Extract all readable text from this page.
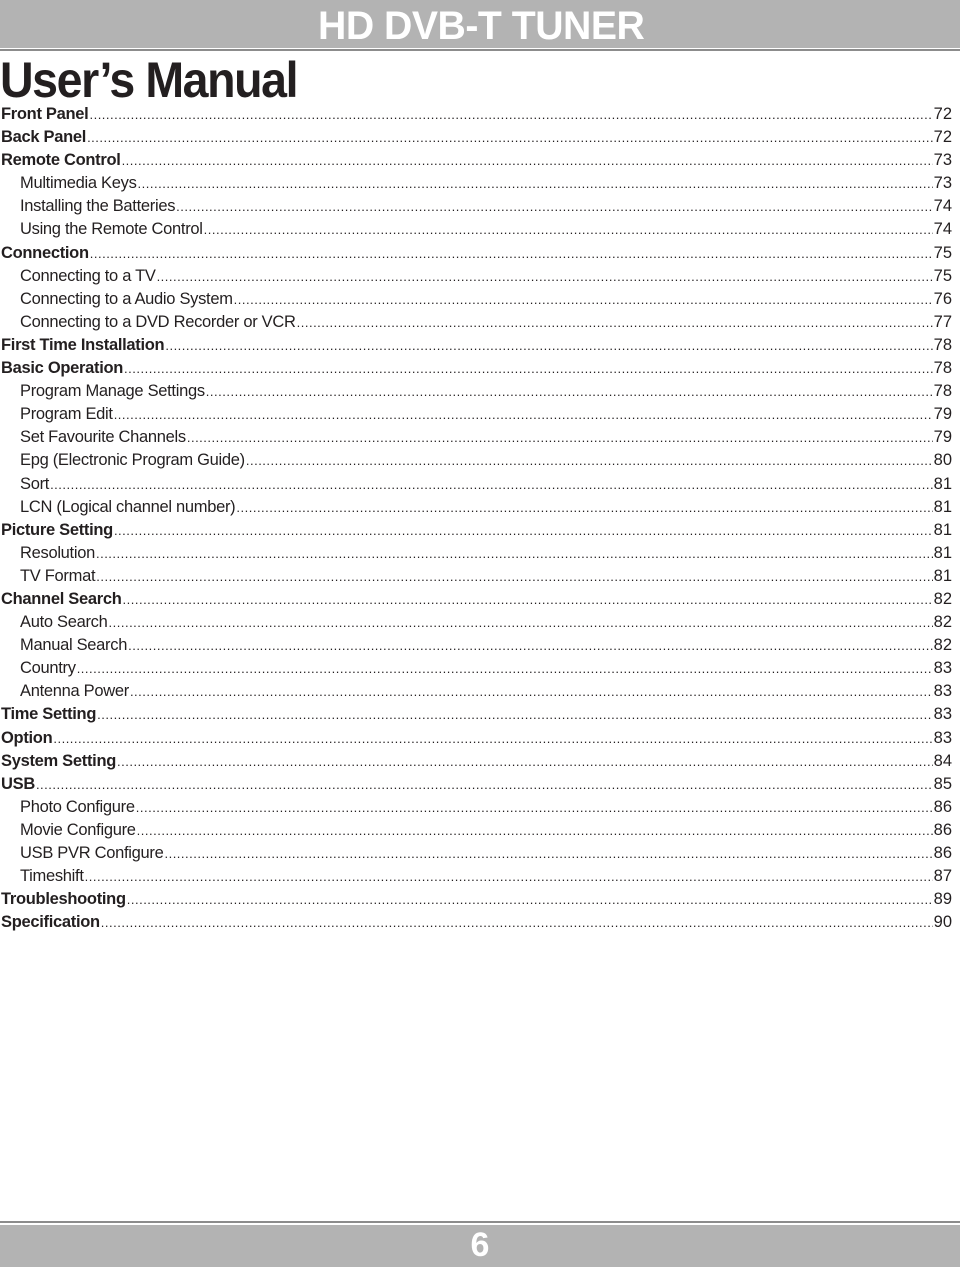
HD DVB-T TUNER
User’s Manual
Front Panel .....	72
Back Panel .....	72
Remote Control .....	73
Multimedia Keys .....	73
Installing the Batteries .....	74
Using the Remote Control .....	74
Connection .....	75
Connecting to a TV .....	75
Connecting to a Audio System .....	76
Connecting to a DVD Recorder or VCR .....	77
First Time Installation .....	78
Basic Operation .....	78
Program Manage Settings .....	78
Program Edit .....	79
Set Favourite Channels .....	79
Epg (Electronic Program Guide) .....	80
Sort .....	81
LCN (Logical channel number) .....	81
Picture Setting .....	81
Resolution .....	81
TV Format .....	81
Channel Search .....	82
Auto Search .....	82
Manual Search .....	82
Country .....	83
Antenna Power .....	83
Time Setting .....	83
Option .....	83
System Setting .....	84
USB .....	85
Photo Configure .....	86
Movie Configure .....	86
USB PVR Configure .....	86
Timeshift .....	87
Troubleshooting .....	89
Specification .....	90
6
